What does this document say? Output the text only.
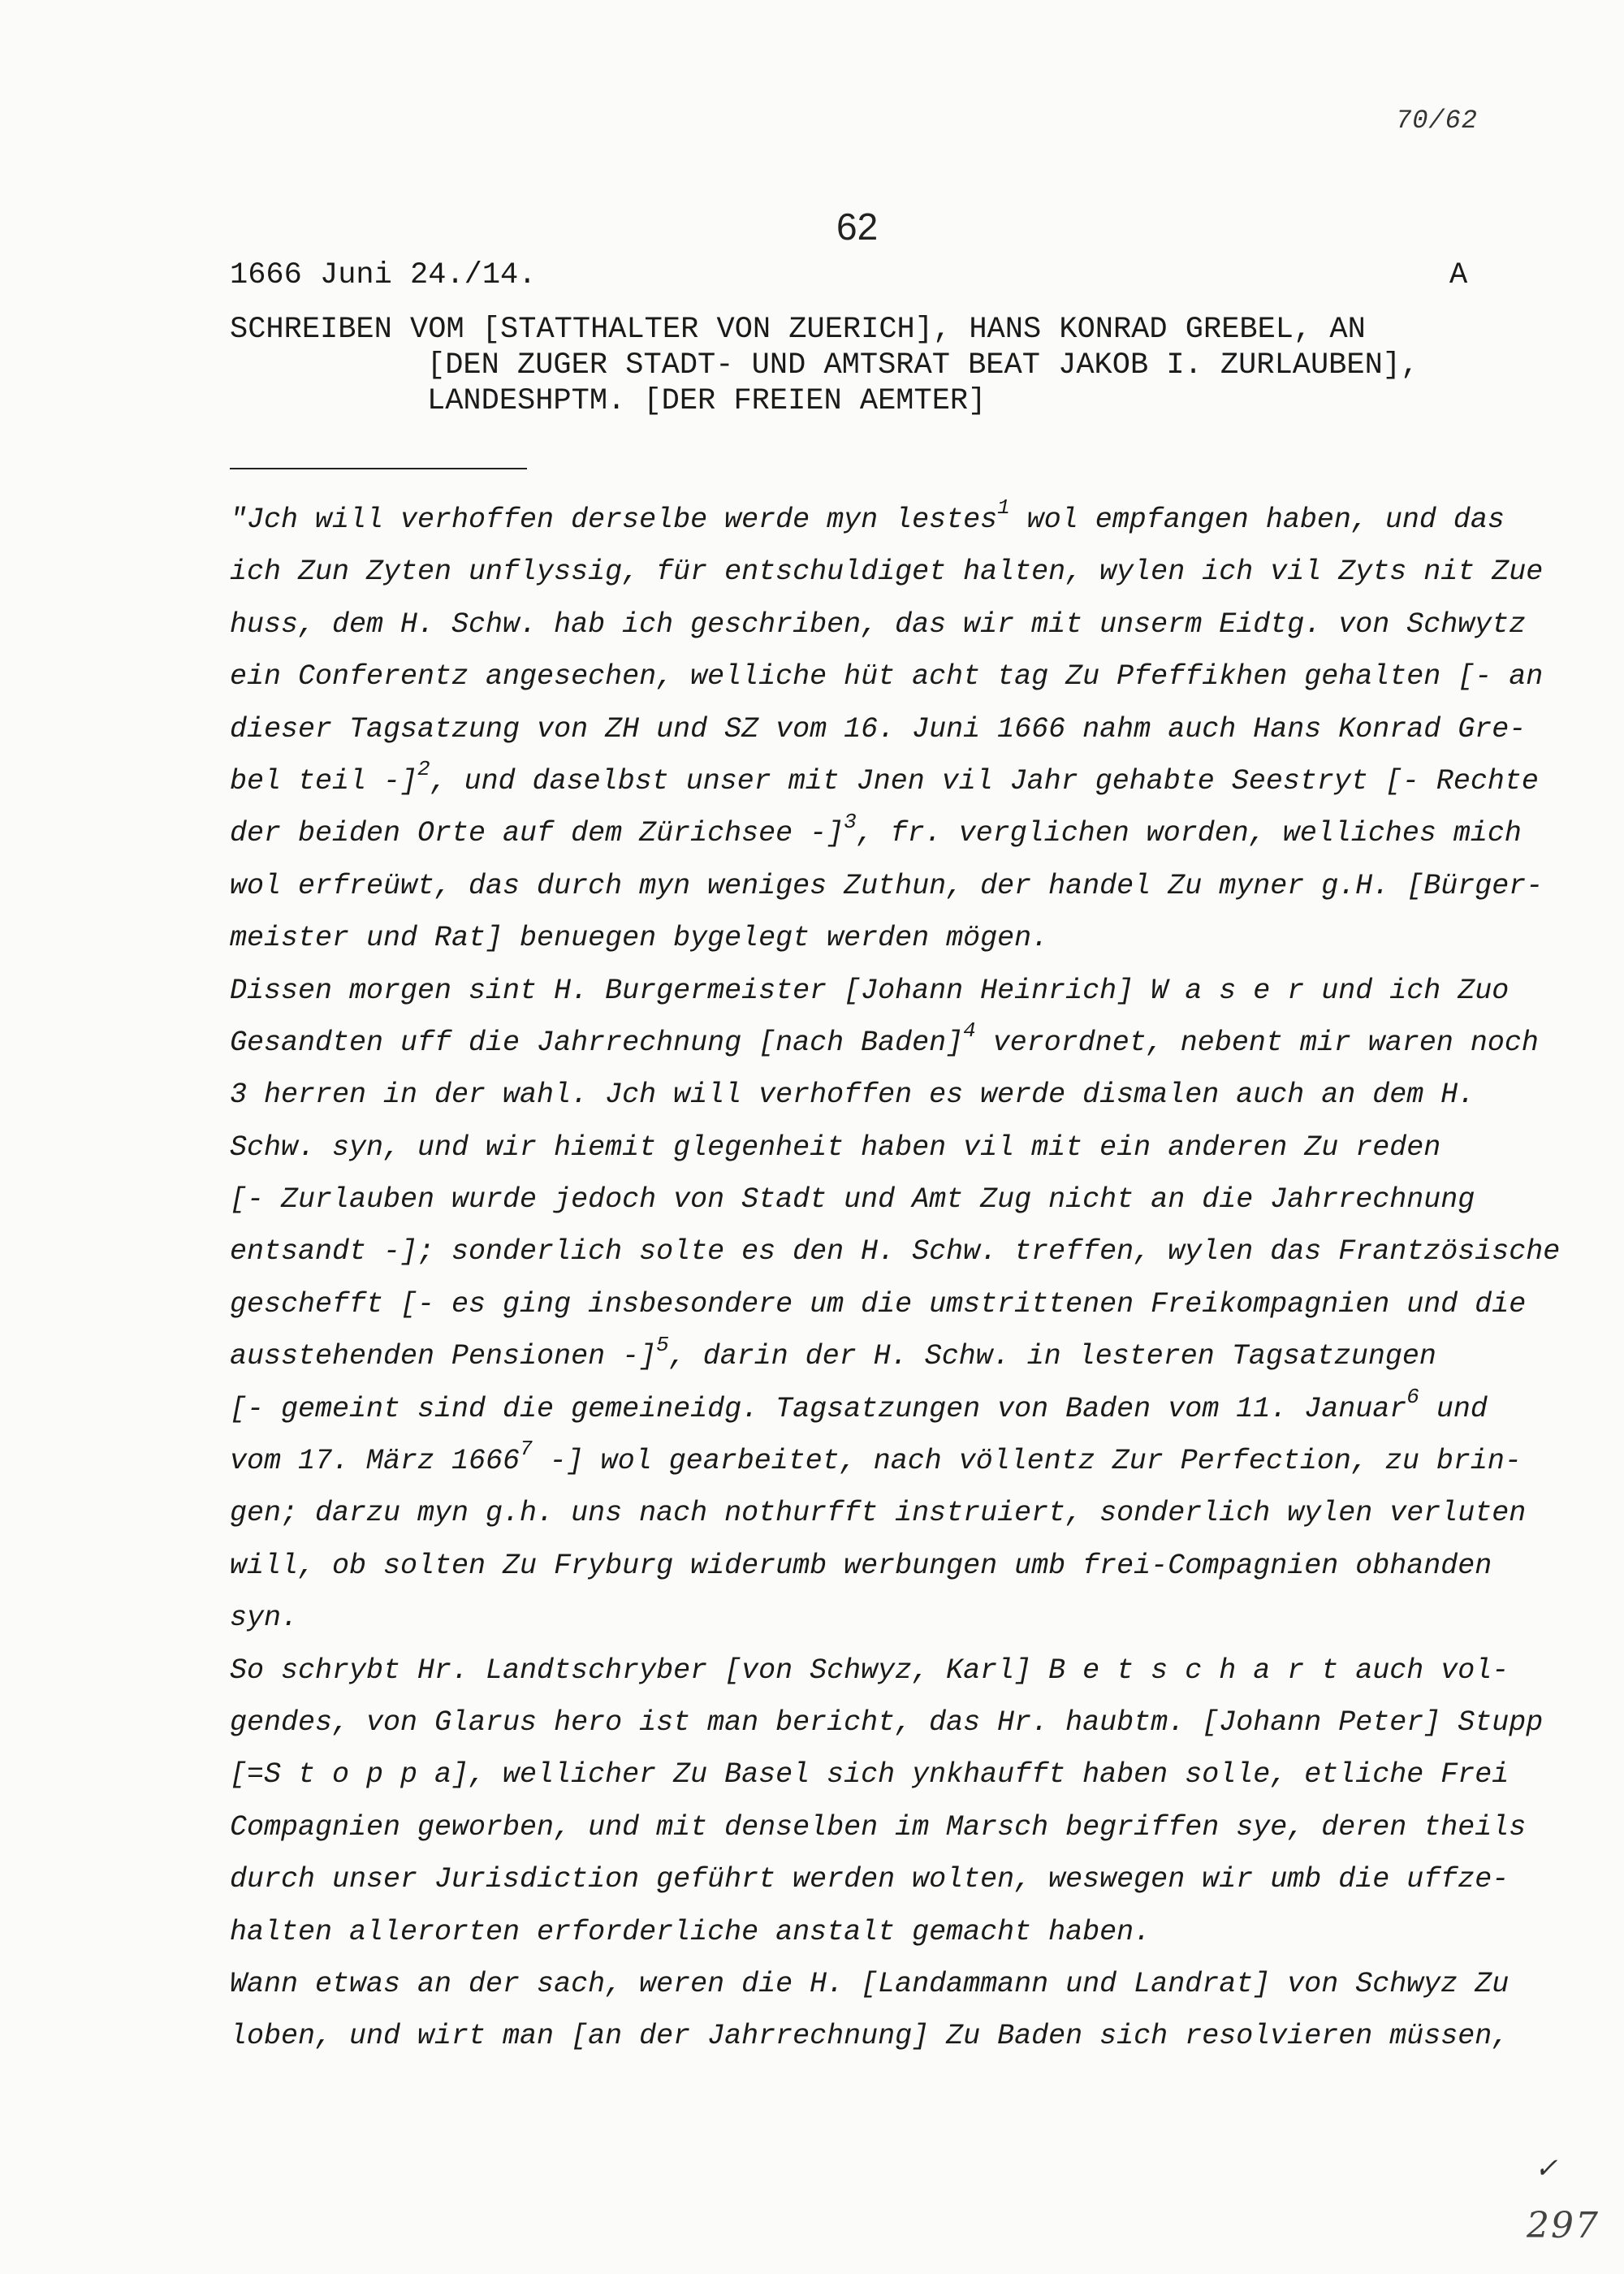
70/62
62
1666 Juni 24./14.	A
SCHREIBEN VOM [STATTHALTER VON ZUERICH], HANS KONRAD GREBEL, AN
[DEN ZUGER STADT- UND AMTSRAT BEAT JAKOB I. ZURLAUBEN],
LANDESHPTM. [DER FREIEN AEMTER]
"Jch will verhoffen derselbe werde myn lestes$^1$ wol empfangen haben, und das
ich Zun Zyten unflyssig, für entschuldiget halten, wylen ich vil Zyts nit Zue
huss, dem H. Schw. hab ich geschriben, das wir mit unserm Eidtg. von Schwytz
ein Conferentz angesechen, welliche hüt acht tag Zu Pfeffikhen gehalten [- an
dieser Tagsatzung von ZH und SZ vom 16. Juni 1666 nahm auch Hans Konrad Gre-
bel teil -]$^2$, und daselbst unser mit Jnen vil Jahr gehabte Seestryt [- Rechte
der beiden Orte auf dem Zürichsee -]$^3$, fr. verglichen worden, welliches mich
wol erfreüwt, das durch myn weniges Zuthun, der handel Zu myner g.H. [Bürger-
meister und Rat] benuegen bygelegt werden mögen.
Dissen morgen sint H. Burgermeister [Johann Heinrich] W a s e r und ich Zuo
Gesandten uff die Jahrrechnung [nach Baden]$^4$ verordnet, nebent mir waren noch
3 herren in der wahl. Jch will verhoffen es werde dismalen auch an dem H.
Schw. syn, und wir hiemit glegenheit haben vil mit ein anderen Zu reden
[- Zurlauben wurde jedoch von Stadt und Amt Zug nicht an die Jahrrechnung
entsandt -]; sonderlich solte es den H. Schw. treffen, wylen das Frantzösische
geschefft [- es ging insbesondere um die umstrittenen Freikompagnien und die
ausstehenden Pensionen -]$^5$, darin der H. Schw. in lesteren Tagsatzungen
[- gemeint sind die gemeineidg. Tagsatzungen von Baden vom 11. Januar$^6$ und
vom 17. März 1666$^7$ -] wol gearbeitet, nach völlentz Zur Perfection, zu brin-
gen; darzu myn g.h. uns nach nothurfft instruiert, sonderlich wylen verluten
will, ob solten Zu Fryburg widerumb werbungen umb frei-Compagnien obhanden
syn.
So schrybt Hr. Landtschryber [von Schwyz, Karl] B e t s c h a r t auch vol-
gendes, von Glarus hero ist man bericht, das Hr. haubtm. [Johann Peter] Stupp
[=S t o p p a], wellicher Zu Basel sich ynkhaufft haben solle, etliche Frei
Compagnien geworben, und mit denselben im Marsch begriffen sye, deren theils
durch unser Jurisdiction geführt werden wolten, weswegen wir umb die uffze-
halten allerorten erforderliche anstalt gemacht haben.
Wann etwas an der sach, weren die H. [Landammann und Landrat] von Schwyz Zu
loben, und wirt man [an der Jahrrechnung] Zu Baden sich resolvieren müssen,
✓
297
